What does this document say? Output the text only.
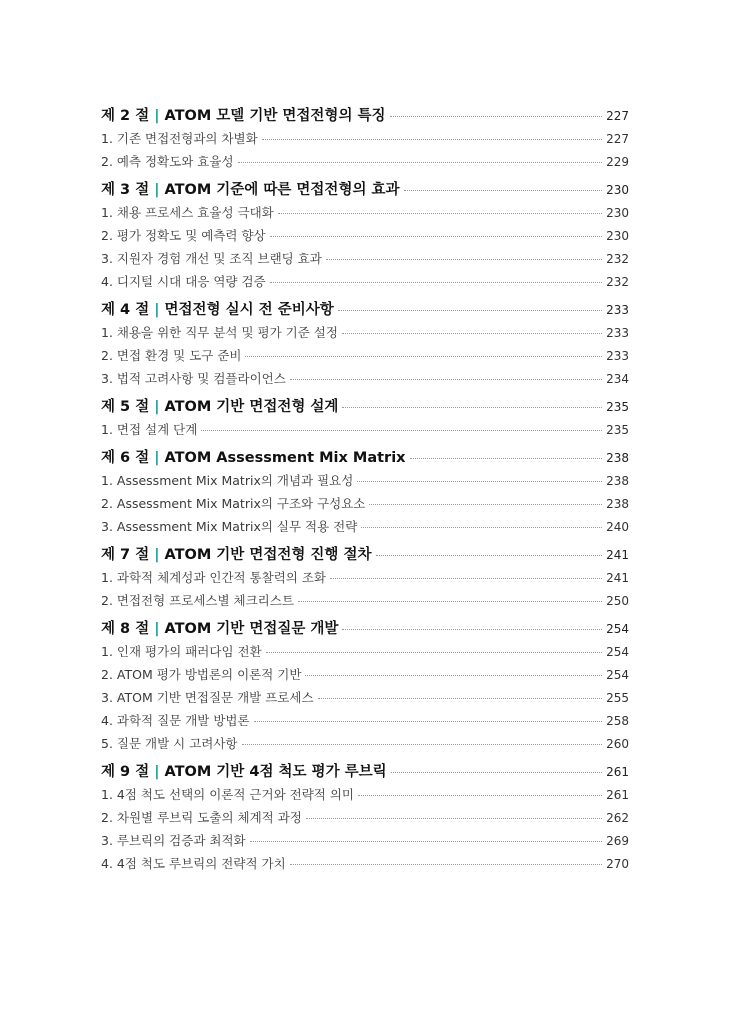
제 2 절 | ATOM 모델 기반 면접전형의 특징	227
1. 기존 면접전형과의 차별화	227
2. 예측 정확도와 효율성	229
제 3 절 | ATOM 기준에 따른 면접전형의 효과	230
1. 채용 프로세스 효율성 극대화	230
2. 평가 정확도 및 예측력 향상	230
3. 지원자 경험 개선 및 조직 브랜딩 효과	232
4. 디지털 시대 대응 역량 검증	232
제 4 절 | 면접전형 실시 전 준비사항	233
1. 채용을 위한 직무 분석 및 평가 기준 설정	233
2. 면접 환경 및 도구 준비	233
3. 법적 고려사항 및 컴플라이언스	234
제 5 절 | ATOM 기반 면접전형 설계	235
1. 면접 설계 단계	235
제 6 절 | ATOM Assessment Mix Matrix	238
1. Assessment Mix Matrix의 개념과 필요성	238
2. Assessment Mix Matrix의 구조와 구성요소	238
3. Assessment Mix Matrix의 실무 적용 전략	240
제 7 절 | ATOM 기반 면접전형 진행 절차	241
1. 과학적 체계성과 인간적 통찰력의 조화	241
2. 면접전형 프로세스별 체크리스트	250
제 8 절 | ATOM 기반 면접질문 개발	254
1. 인재 평가의 패러다임 전환	254
2. ATOM 평가 방법론의 이론적 기반	254
3. ATOM 기반 면접질문 개발 프로세스	255
4. 과학적 질문 개발 방법론	258
5. 질문 개발 시 고려사항	260
제 9 절 | ATOM 기반 4점 척도 평가 루브릭	261
1. 4점 척도 선택의 이론적 근거와 전략적 의미	261
2. 차원별 루브릭 도출의 체계적 과정	262
3. 루브릭의 검증과 최적화	269
4. 4점 척도 루브릭의 전략적 가치	270
